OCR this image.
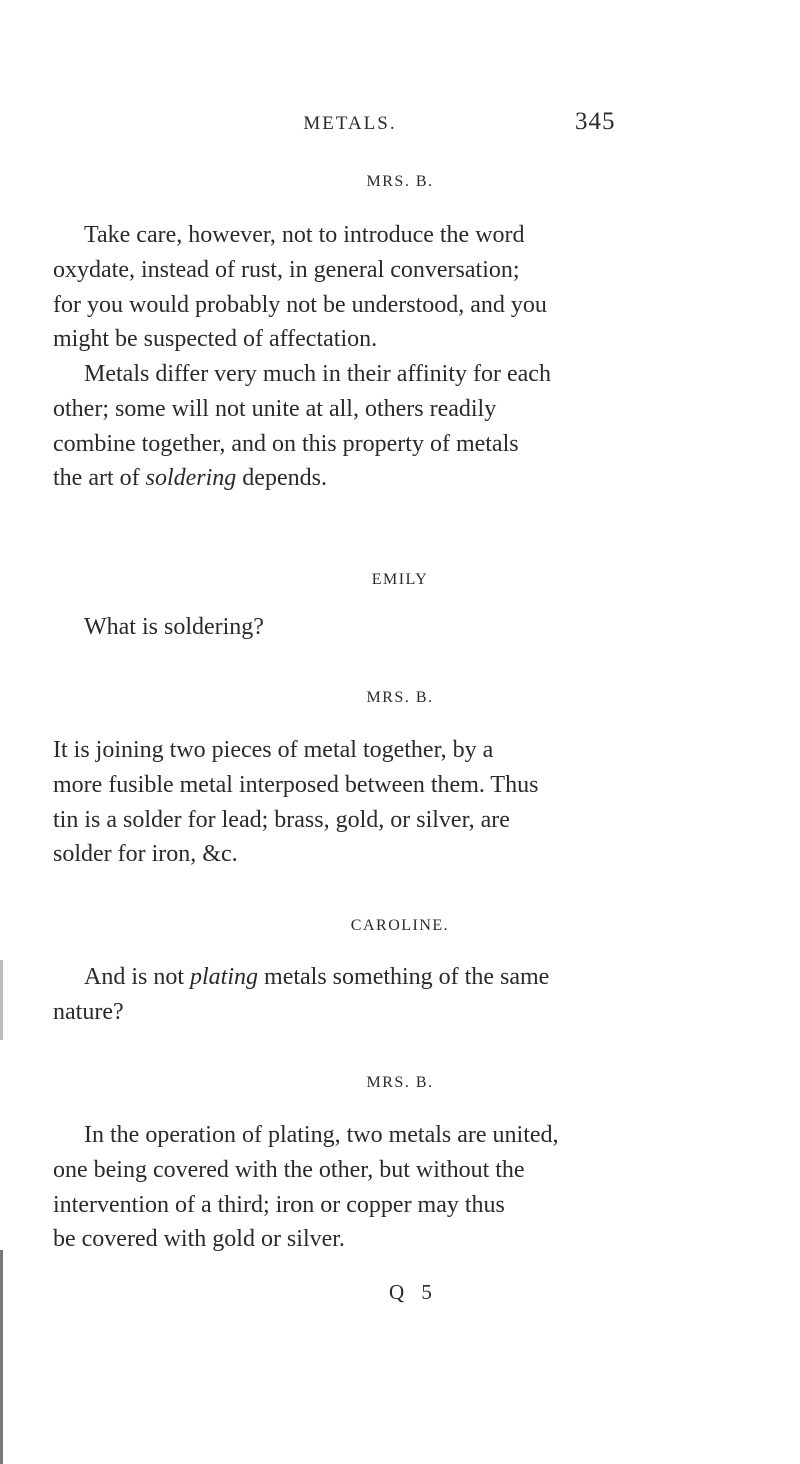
METALS.	345
MRS. B.
Take care, however, not to introduce the word
oxydate, instead of rust, in general conversation;
for you would probably not be understood, and you
might be suspected of affectation.
Metals differ very much in their affinity for each
other; some will not unite at all, others readily
combine together, and on this property of metals
the art of soldering depends.
EMILY
What is soldering?
MRS. B.
It is joining two pieces of metal together, by a
more fusible metal interposed between them. Thus
tin is a solder for lead; brass, gold, or silver, are
solder for iron, &c.
CAROLINE.
And is not plating metals something of the same
nature?
MRS. B.
In the operation of plating, two metals are united,
one being covered with the other, but without the
intervention of a third; iron or copper may thus
be covered with gold or silver.
Q 5
